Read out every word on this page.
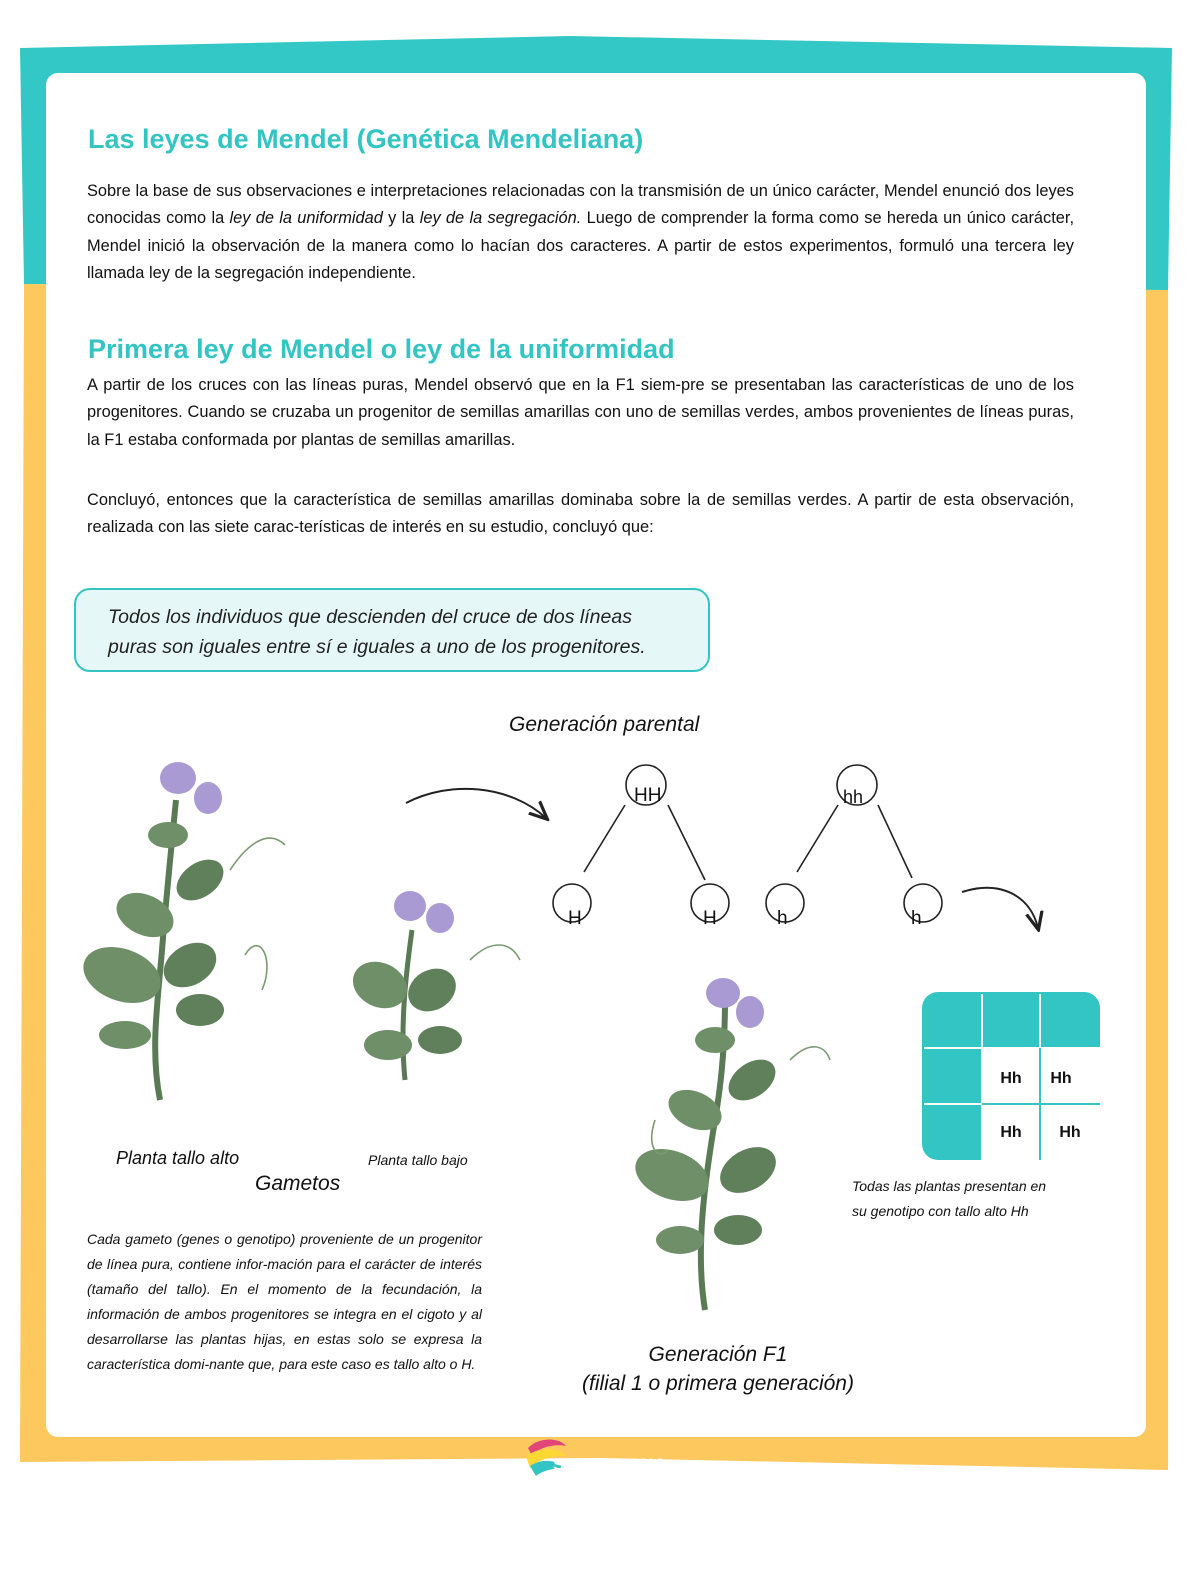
Las leyes de Mendel (Genética Mendeliana)
Sobre la base de sus observaciones e interpretaciones relacionadas con la transmisión de un único carácter, Mendel enunció dos leyes conocidas como la ley de la uniformidad y la ley de la segregación. Luego de comprender la forma como se hereda un único carácter, Mendel inició la observación de la manera como lo hacían dos caracteres. A partir de estos experimentos, formuló una tercera ley llamada ley de la segregación independiente.
Primera ley de Mendel o ley de la uniformidad
A partir de los cruces con las líneas puras, Mendel observó que en la F1 siem-pre se presentaban las características de uno de los progenitores. Cuando se cruzaba un progenitor de semillas amarillas con uno de semillas verdes, ambos provenientes de líneas puras, la F1 estaba conformada por plantas de semillas amarillas.
Concluyó, entonces que la característica de semillas amarillas dominaba sobre la de semillas verdes. A partir de esta observación, realizada con las siete carac-terísticas de interés en su estudio, concluyó que:
Todos los individuos que descienden del cruce de dos líneas
puras son iguales entre sí e iguales a uno de los progenitores.
Generación parental
HH	hh
H	H	h	h
Hh	Hh
Hh	Hh
Todas las plantas presentan en
su genotipo con tallo alto Hh
Planta tallo alto	Planta tallo bajo
Gametos
Cada gameto (genes o genotipo) proveniente de un progenitor de línea pura, contiene infor-mación para el carácter de interés (tamaño del tallo). En el momento de la fecundación, la información de ambos progenitores se integra en el cigoto y al desarrollarse las plantas hijas, en estas solo se expresa la característica domi-nante que, para este caso es tallo alto o H.	Generación F1
(filial 1 o primera generación)
SANTILLANA
